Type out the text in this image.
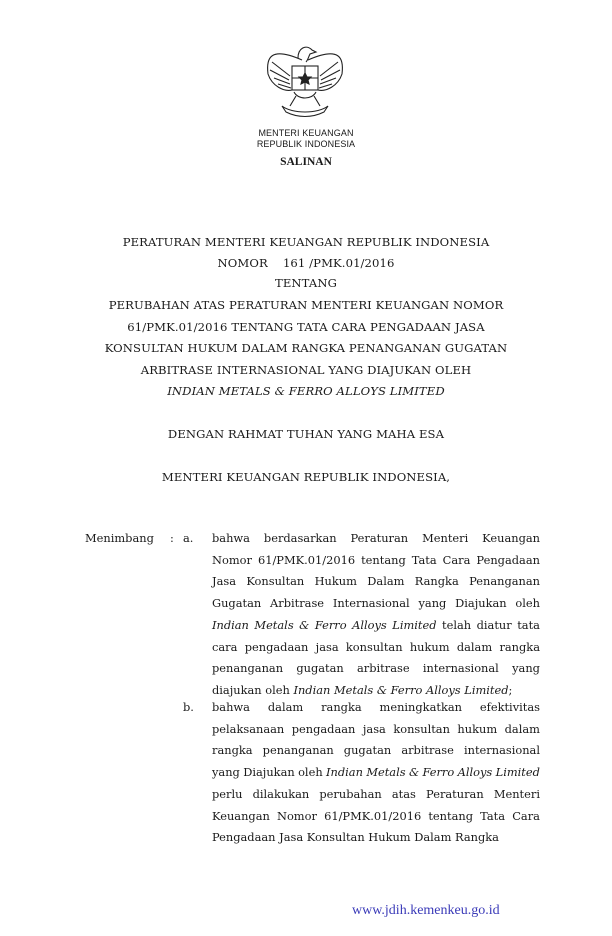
MENTERI KEUANGAN
REPUBLIK INDONESIA
SALINAN
PERATURAN MENTERI KEUANGAN REPUBLIK INDONESIA
NOMOR 161 /PMK.01/2016
TENTANG
PERUBAHAN ATAS PERATURAN MENTERI KEUANGAN NOMOR
61/PMK.01/2016 TENTANG TATA CARA PENGADAAN JASA
KONSULTAN HUKUM DALAM RANGKA PENANGANAN GUGATAN
ARBITRASE INTERNASIONAL YANG DIAJUKAN OLEH
INDIAN METALS & FERRO ALLOYS LIMITED
DENGAN RAHMAT TUHAN YANG MAHA ESA
MENTERI KEUANGAN REPUBLIK INDONESIA,
Menimbang : a.
b.
bahwa berdasarkan Peraturan Menteri Keuangan
Nomor 61/PMK.01/2016 tentang Tata Cara Pengadaan
Jasa Konsultan Hukum Dalam Rangka Penanganan
Gugatan Arbitrase Internasional yang Diajukan oleh
Indian Metals & Ferro Alloys Limited telah diatur tata
cara pengadaan jasa konsultan hukum dalam rangka
penanganan gugatan arbitrase internasional yang
diajukan oleh Indian Metals & Ferro Alloys Limited ;
bahwa dalam rangka meningkatkan efektivitas
pelaksanaan pengadaan jasa konsultan hukum dalam
rangka penanganan gugatan arbitrase internasional
yang Diajukan oleh Indian Metals & Ferro Alloys Limited
perlu dilakukan perubahan atas Peraturan Menteri
Keuangan Nomor 61/PMK.01/2016 tentang Tata Cara
Pengadaan Jasa Konsultan Hukum Dalam Rangka
www.jdih.kemenkeu.go.id
